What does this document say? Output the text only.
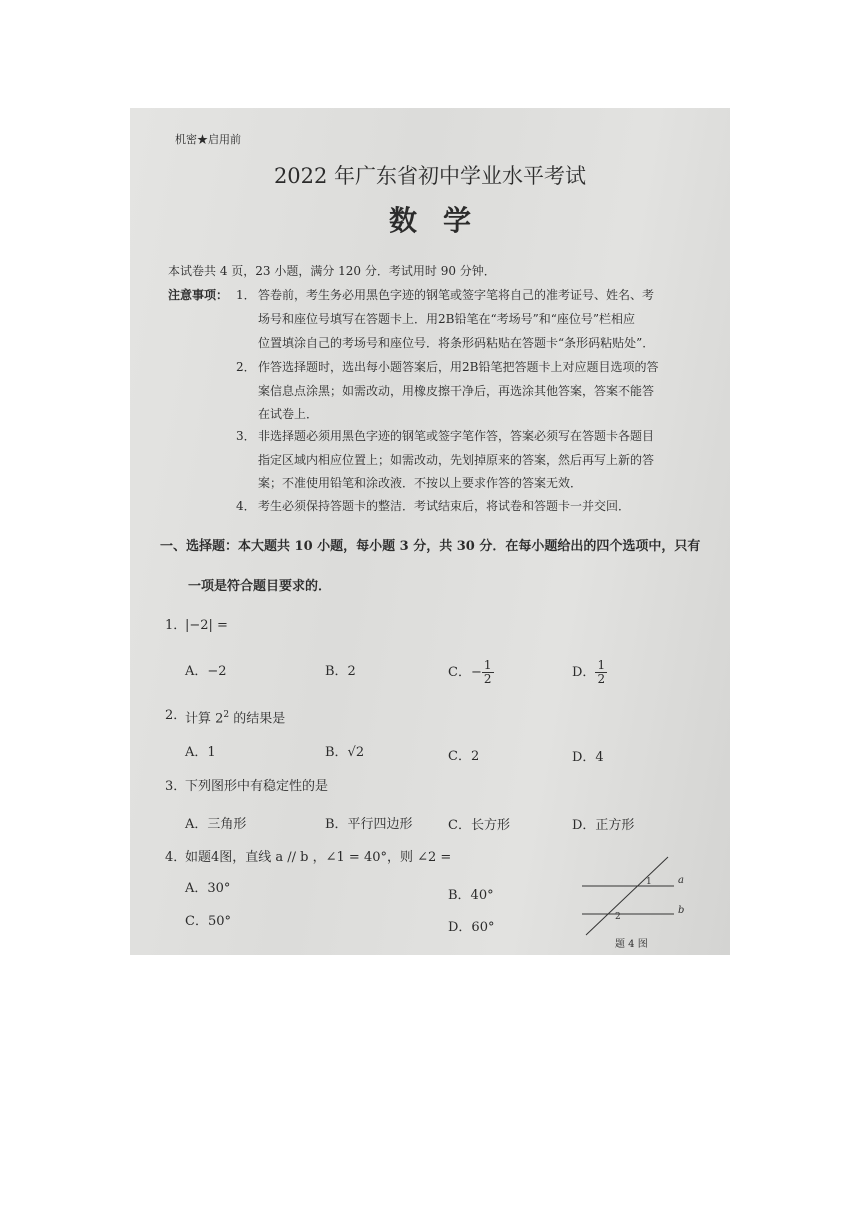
机密★启用前
2022 年广东省初中学业水平考试
数学
本试卷共 4 页，23 小题，满分 120 分．考试用时 90 分钟．
注意事项： 1． 答卷前，考生务必用黑色字迹的钢笔或签字笔将自己的准考证号、姓名、考
场号和座位号填写在答题卡上．用2B铅笔在“考场号”和“座位号”栏相应
位置填涂自己的考场号和座位号．将条形码粘贴在答题卡“条形码粘贴处”．
2． 作答选择题时，选出每小题答案后，用2B铅笔把答题卡上对应题目选项的答
案信息点涂黑；如需改动，用橡皮擦干净后，再选涂其他答案，答案不能答
在试卷上．
3． 非选择题必须用黑色字迹的钢笔或签字笔作答，答案必须写在答题卡各题目
指定区域内相应位置上；如需改动，先划掉原来的答案，然后再写上新的答
案；不准使用铅笔和涂改液．不按以上要求作答的答案无效．
4． 考生必须保持答题卡的整洁．考试结束后，将试卷和答题卡一并交回．
一、选择题：本大题共 10 小题，每小题 3 分，共 30 分．在每小题给出的四个选项中，只有
一项是符合题目要求的．
1．
|−2| =
A．−2	B．2	C．− $\frac{1}{2}$	D． $\frac{1}{2}$
2．
计算 $2^2$ 的结果是
A．1	B．√2	C．2	D．4
3．
下列图形中有稳定性的是
A．三角形	B．平行四边形	C．长方形	D．正方形
4．
如题4图，直线 a // b ，∠1 = 40°，则 ∠2 =
A．30°	B．40°
C．50°	D．60°
a
b
1
2
题 4 图
